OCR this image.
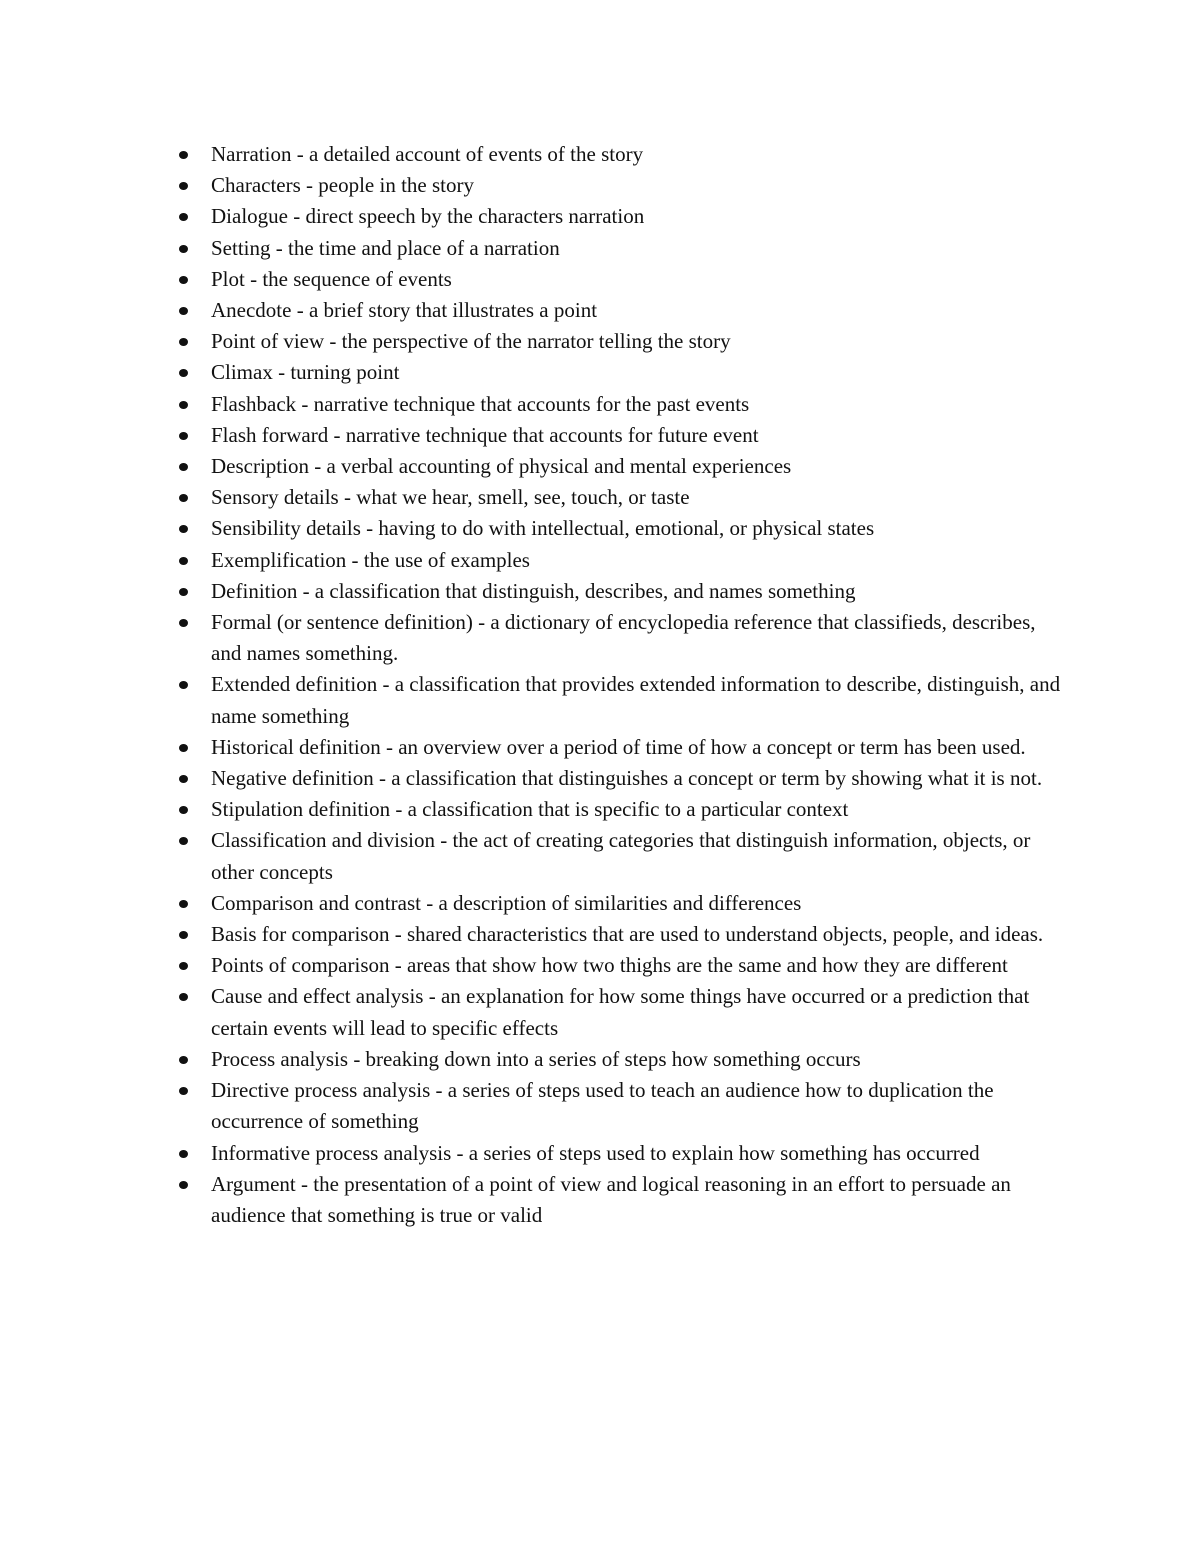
Narration - a detailed account of events of the story
Characters - people in the story
Dialogue - direct speech by the characters narration
Setting - the time and place of a narration
Plot - the sequence of events
Anecdote - a brief story that illustrates a point
Point of view - the perspective of the narrator telling the story
Climax - turning point
Flashback - narrative technique that accounts for the past events
Flash forward - narrative technique that accounts for future event
Description - a verbal accounting of physical and mental experiences
Sensory details - what we hear, smell, see, touch, or taste
Sensibility details - having to do with intellectual, emotional, or physical states
Exemplification - the use of examples
Definition - a classification that distinguish, describes, and names something
Formal (or sentence definition) - a dictionary of encyclopedia reference that classifieds, describes, and names something.
Extended definition - a classification that provides extended information to describe, distinguish, and name something
Historical definition - an overview over a period of time of how a concept or term has been used.
Negative definition - a classification that distinguishes a concept or term by showing what it is not.
Stipulation definition - a classification that is specific to a particular context
Classification and division - the act of creating categories that distinguish information, objects, or other concepts
Comparison and contrast - a description of similarities and differences
Basis for comparison - shared characteristics that are used to understand objects, people, and ideas.
Points of comparison - areas that show how two thighs are the same and how they are different
Cause and effect analysis - an explanation for how some things have occurred or a prediction that certain events will lead to specific effects
Process analysis - breaking down into a series of steps how something occurs
Directive process analysis - a series of steps used to teach an audience how to duplication the occurrence of something
Informative process analysis - a series of steps used to explain how something has occurred
Argument - the presentation of a point of view and logical reasoning in an effort to persuade an audience that something is true or valid
